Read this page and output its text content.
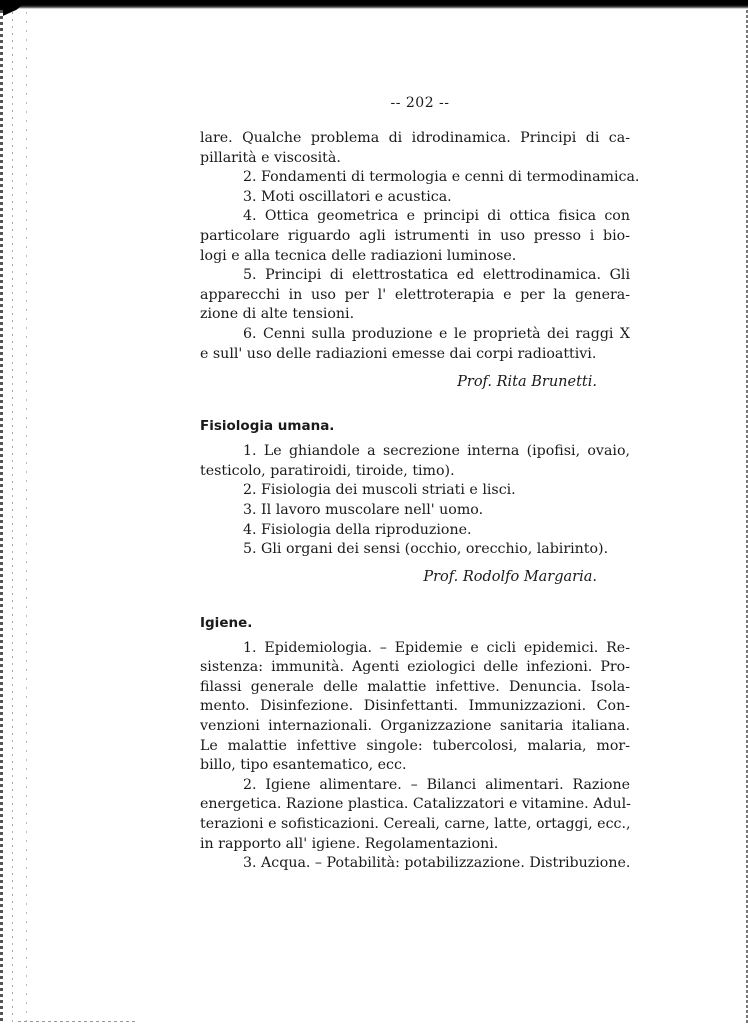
-- 202 --
lare. Qualche problema di idrodinamica. Principi di ca-
pillarità e viscosità.
2. Fondamenti di termologia e cenni di termodinamica.
3. Moti oscillatori e acustica.
4. Ottica geometrica e principi di ottica fisica con
particolare riguardo agli istrumenti in uso presso i bio-
logi e alla tecnica delle radiazioni luminose.
5. Principi di elettrostatica ed elettrodinamica. Gli
apparecchi in uso per l' elettroterapia e per la genera-
zione di alte tensioni.
6. Cenni sulla produzione e le proprietà dei raggi X
e sull' uso delle radiazioni emesse dai corpi radioattivi.
Prof. Rita Brunetti.
Fisiologia umana.
1. Le ghiandole a secrezione interna (ipofisi, ovaio,
testicolo, paratiroidi, tiroide, timo).
2. Fisiologia dei muscoli striati e lisci.
3. Il lavoro muscolare nell' uomo.
4. Fisiologia della riproduzione.
5. Gli organi dei sensi (occhio, orecchio, labirinto).
Prof. Rodolfo Margaria.
Igiene.
1. Epidemiologia. – Epidemie e cicli epidemici. Re-
sistenza: immunità. Agenti eziologici delle infezioni. Pro-
filassi generale delle malattie infettive. Denuncia. Isola-
mento. Disinfezione. Disinfettanti. Immunizzazioni. Con-
venzioni internazionali. Organizzazione sanitaria italiana.
Le malattie infettive singole: tubercolosi, malaria, mor-
billo, tipo esantematico, ecc.
2. Igiene alimentare. – Bilanci alimentari. Razione
energetica. Razione plastica. Catalizzatori e vitamine. Adul-
terazioni e sofisticazioni. Cereali, carne, latte, ortaggi, ecc.,
in rapporto all' igiene. Regolamentazioni.
3. Acqua. – Potabilità: potabilizzazione. Distribuzione.
